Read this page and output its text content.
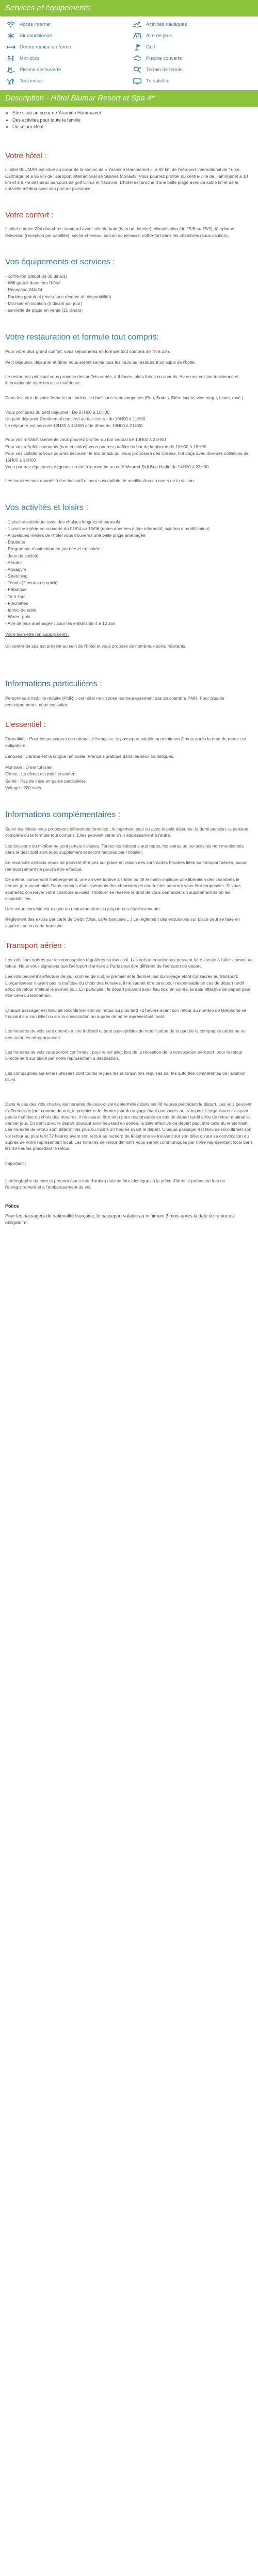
Services et équipements
Accès internet	Activités nautiques
Air conditionné	Aire de jeux
Centre remise en forme	Golf
Mini club	Piscine couverte
Piscine découverte	Terrain de tennis
Tout inclus	Tv satellite
Description - Hôtel Blumar Resort et Spa 4*
• Etre situé au cœur de Yasmine Hammamet
• Des activités pour toute la famille
• Un séjour idéal
Votre hôtel :

L'hôtel BLUMAR est situé au cœur de la station de « Yasmine Hammamet », à 65 km de l'aéroport international de Tunis-Carthage, et à 85 km de l'aéroport international de Skanes Monastir. Vous pourrez profiter du centre-ville de Hammamet à 10 km et à 9 km des deux parcours de golf Citrus et Yasmine. L'hôtel est proche d'une belle plage avec du sable fin et de la nouvelle médina avec son port de plaisance.

Votre confort :

L'hôtel compte 204 chambres standard avec salle de bain (bain ou douche), climatisation (du 15/6 au 15/9), téléphone, télévision (réception par satellite), sèche-cheveux, balcon ou terrasse, coffre-fort dans les chambres (sous caution).

Vos équipements et services :

- coffre-fort (dépôt de 30 dinars)

- Wifi gratuit dans tout l'hôtel

- Réception 24h/24

- Parking gratuit et privé (sous réserve de disponibilité)

- Mini-bar en location (5 dinars par jour)

- serviette de plage en vente (15 dinars)

Votre restauration et formule tout compris:

Pour votre plus grand confort, vous séjournerez en formule tout compris de 7h à 23h.

Petit déjeuner, déjeuner et dîner vous seront servis tous les jours au restaurant principal de l'hôtel.

Le restaurant principal vous propose des buffets variés, à thèmes, plats froids ou chauds. Avec une cuisine tunisienne et internationale avec terrasse extérieure.

Dans le cadre de votre formule tout inclus, les boissons sont comprises (Eau, Sodas, Bière locale, vins rouge, blanc, rosé.)

Vous profiterez du petit déjeuner : De 07H00 à 10H00

Un petit déjeuner Continental est servi au bar central de 10H00 à 11H00.

Le déjeuner est servi de 12H30 à 14H00 et le dîner de 19H00 à 21H00

Pour vos rafraîchissements vous pourrez profiter du bar central de 10H00 à 23H00

Pour vos rafraîchissements (eau et sodas) vous pourrez profiter du bar de la piscine de 10H00 à 18H00

Pour vos collations vous pourrez découvrir le Bio Snack qui vous proposera des Crêpes, hot dogs avec diverses collations de 15H00 à 18H00

Vous pourrez également déguster un thé à la menthe au café Mourad Sidi Bou Hadid de 14H00 à 23H00.

Les horaires sont donnés à titre indicatif et sont susceptible de modification au cours de la saison.

Vos activités et loisirs :

- 1 piscine extérieure avec des chaises longues et parasols

- 1 piscine intérieure couverte du 01/04 au 15/06 (dates données à titre informatif, sujettes à modification)

- A quelques mètres de l'hôtel vous trouverez une belle plage aménagée

- Boutique

- Programme d'animation en journée et en soirée :

- Jeux de société

- Aérobic

- Aquagym

- Stretching

- Tennis (2 courts en quick)

- Pétanque

- Tir à l'arc

- Fléchettes

- tennis de table

- Water- polo

- Aire de jeux aménagée : pour les enfants de 4 à 12 ans

Votre bien-être (en supplément) :

Un centre de spa est présent au sein de l'hôtel et vous propose de nombreux soins relaxants.

Informations particulières :

Personnes à mobilité réduite (PMR) : cet hôtel ne dispose malheureusement pas de chambre PMR. Pour plus de renseignements, nous consulter.

L'essentiel :

Formalités : Pour les passagers de nationalité française, le passeport valable au minimum 3 mois après la date de retour est obligatoire.

Langues : L'arabe est la langue nationale. Français pratiqué dans les lieux touristiques.

Monnaie : Dinar tunisien.

Climat : Le climat est méditerranéen.

Santé : Pas de mise en garde particulière.

Voltage : 220 volts.

Informations complémentaires :

Selon les hôtels nous proposons différentes formules : le logement seul ou avec le petit déjeuner, la demi pension, la pension complète ou la formule tout compris. Elles peuvent varier d'un établissement à l'autre.

Les boissons du minibar ne sont jamais incluses. Toutes les boissons aux repas, les extras ou les activités non mentionnés dans le descriptif sont avec supplément et seront facturés par l'hôtelier.

En revanche certains repas ne peuvent être pris sur place en raison des contraintes horaires liées au transport aérien, aucun remboursement ne pourra être effectué.

De même, concernant l'hébergement, une arrivée tardive à l'hôtel ou tôt le matin implique une libération des chambres le dernier jour avant midi. Dans certains établissements des chambres de courtoisies pourront vous être proposées. Si vous souhaitez conserver votre chambre au-delà, l'hôtelier se réserve le droit de vous demander un supplément selon les disponibilités.

Une tenue correcte est exigée au restaurant dans la plupart des établissements.

Règlement des extras par carte de crédit (Visa, carte bancaire ...) Le règlement des excursions sur place peut se faire en espèces ou en carte bancaire.

Transport aérien :

Les vols sont opérés par les compagnies régulières ou low cost. Les vols internationaux peuvent faire escale à l'aller comme au retour. Nous vous signalons que l'aéroport d'arrivée à Paris peut être différent de l'aéroport de départ.

Les vols peuvent s'effectuer de jour comme de nuit, le premier et le dernier jour du voyage étant consacrés au transport. L'organisateur n'ayant pas la maîtrise du choix des horaires, il ne saurait être tenu pour responsable en cas de départ tardif et/ou de retour matinal le dernier jour. En particulier, le départ pouvant avoir lieu tard en soirée, la date effective de départ peut être celle du lendemain.

Chaque passager est tenu de reconfirmer son vol retour au plus tard 72 heures avant son retour au numéro de téléphone se trouvant sur son billet ou sur la convocation ou auprès de notre représentant local.

Les horaires de vols sont donnés à titre indicatif et sont susceptibles de modification de la part de la compagnie aérienne ou des autorités aéroportuaires.

Les horaires de vols vous seront confirmés : pour le vol aller, lors de la réception de la convocation aéroport, pour le retour directement sur place par notre représentant à destination.

Les compagnies aériennes utilisées sont toutes reçues les autorisations requises par les autorités compétentes de l'aviation civile.

Dans le cas des vols charter, les horaires de ceux-ci sont déterminés dans les 48 heures précédant le départ. Les vols peuvent s'effectuer de jour comme de nuit, le premier et le dernier jour du voyage étant consacrés au transport. L'organisateur n'ayant pas la maîtrise du choix des horaires, il ne saurait être tenu pour responsable en cas de départ tardif et/ou de retour matinal le dernier jour. En particulier, le départ pouvant avoir lieu tard en soirée, la date effective de départ peut être celle du lendemain. Les horaires de retour sont déterminés plus ou moins 24 heures avant le départ. Chaque passager est tenu de reconfirmer son vol retour au plus tard 72 heures avant son retour au numéro de téléphone se trouvant sur son billet ou sur sa convocation ou auprès de notre représentant local. Les horaires de retour définitifs vous seront communiqués par notre représentant local dans les 48 heures précédant le retour.

Important :

L'orthographe du nom et prénom (sans trait d'union) doivent être identiques à la pièce d'identité présentée lors de l'enregistrement et à l'embarquement du vol.

Police

Pour les passagers de nationalité française, le passeport valable au minimum 3 mois après la date de retour est obligatoire.
